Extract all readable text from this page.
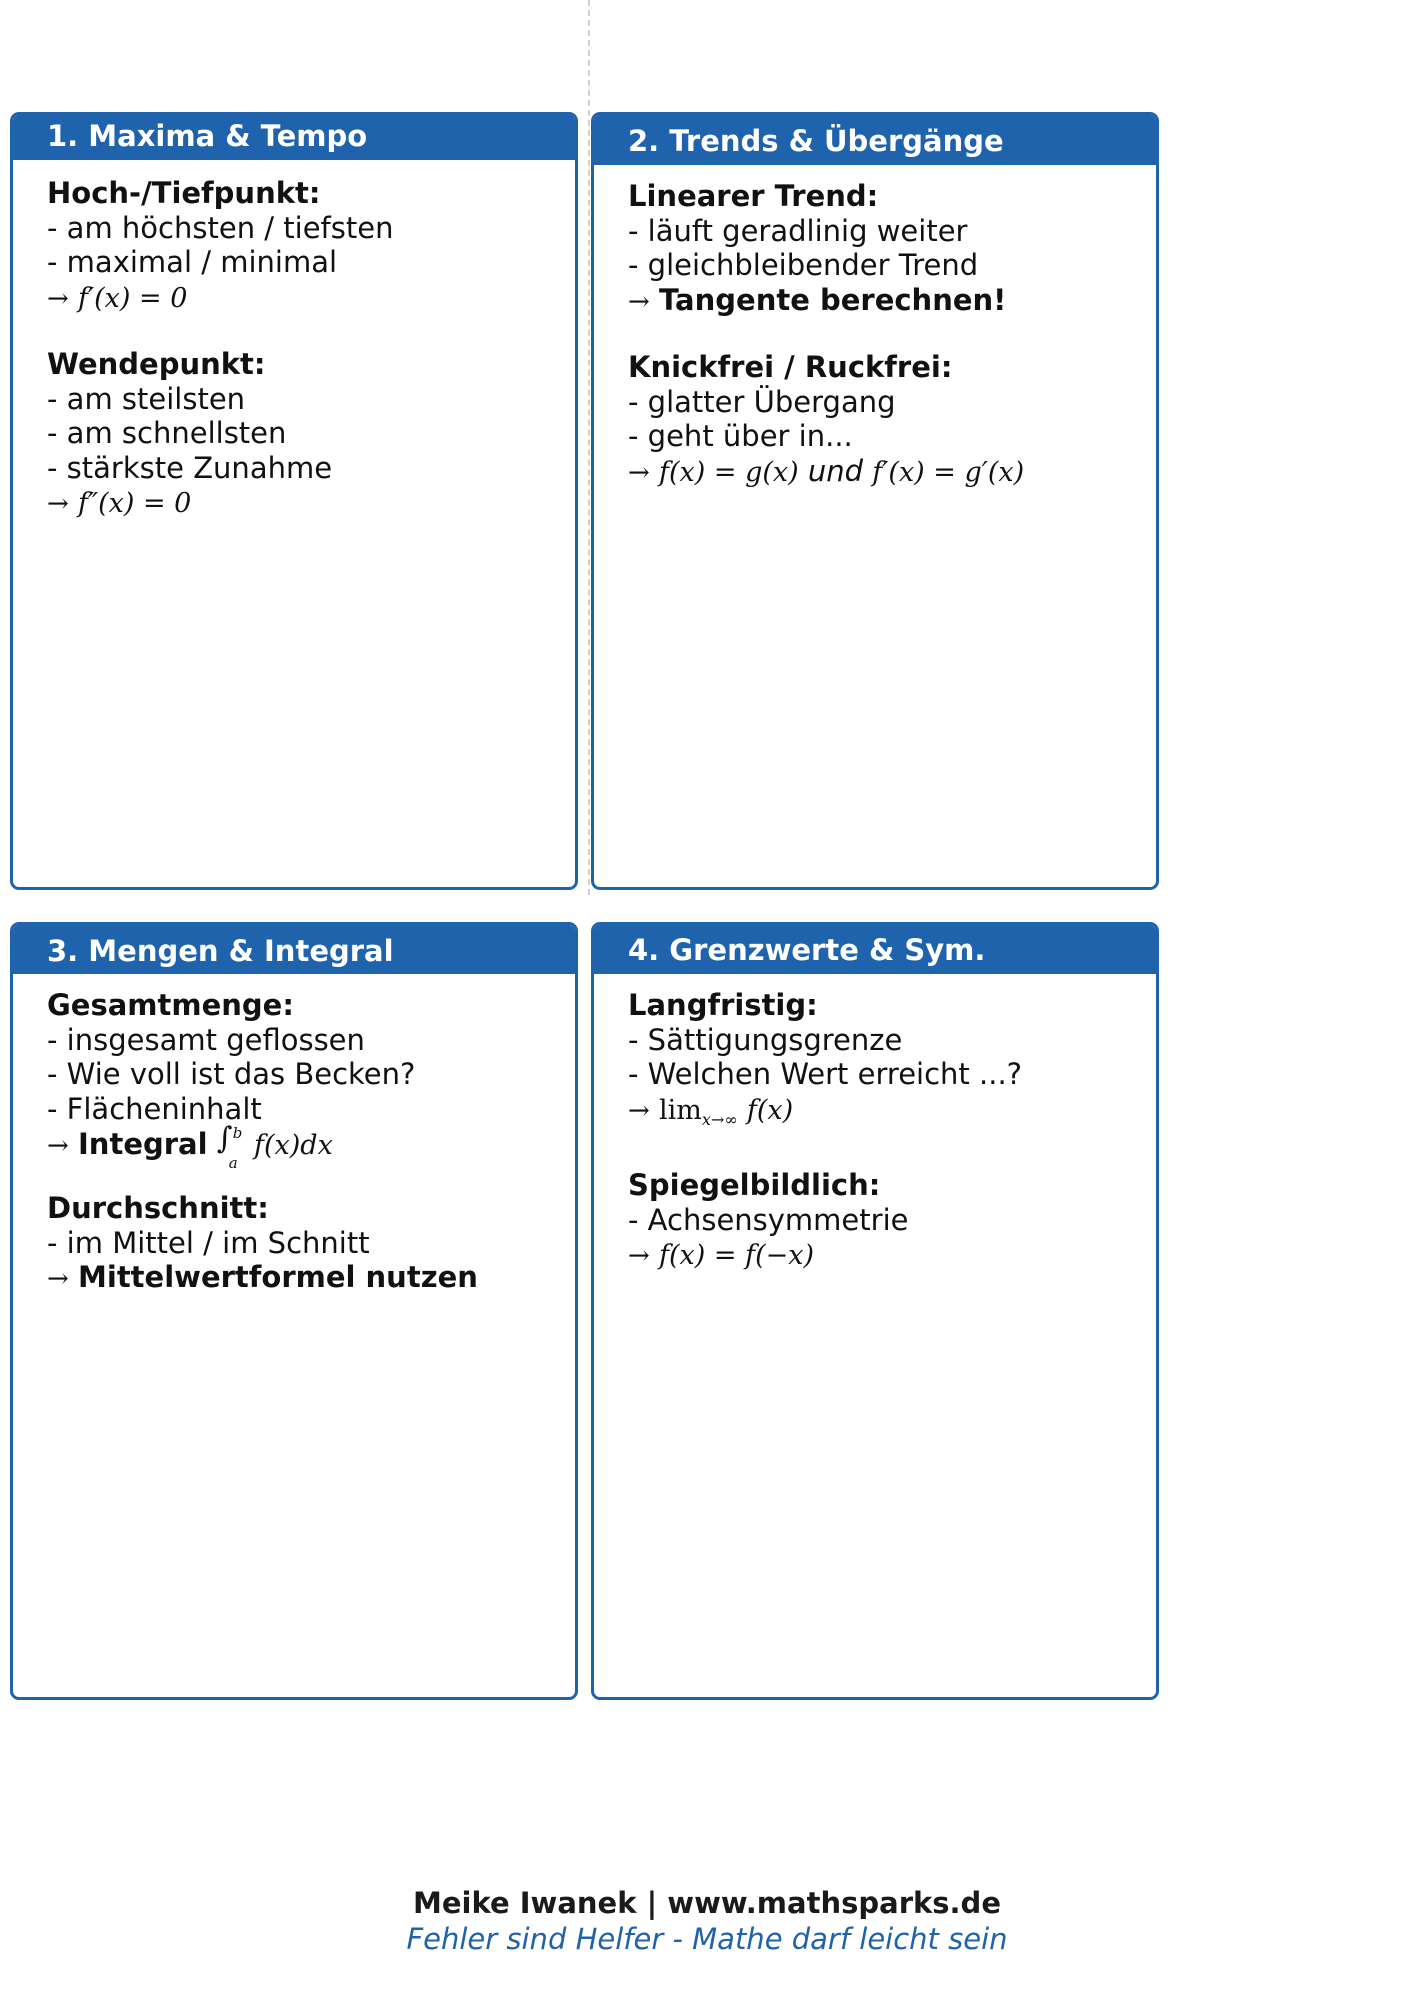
1. Maxima & Tempo
Hoch-/Tiefpunkt:
- am höchsten / tiefsten
- maximal / minimal
→ f′(x) = 0
Wendepunkt:
- am steilsten
- am schnellsten
- stärkste Zunahme
→ f″(x) = 0
2. Trends & Übergänge
Linearer Trend:
- läuft geradlinig weiter
- gleichbleibender Trend
→ Tangente berechnen!
Knickfrei / Ruckfrei:
- glatter Übergang
- geht über in...
→ f(x) = g(x) und f′(x) = g′(x)
3. Mengen & Integral
Gesamtmenge:
- insgesamt geflossen
- Wie voll ist das Becken?
- Flächeninhalt
→ Integral ∫ b
a
f(x)dx
Durchschnitt:
- im Mittel / im Schnitt
→ Mittelwertformel nutzen
4. Grenzwerte & Sym.
Langfristig:
- Sättigungsgrenze
- Welchen Wert erreicht ...?
→ $\lim_{x\to\infty} f(x)$
Spiegelbildlich:
- Achsensymmetrie
→ f(x) = f(−x)
Meike Iwanek | www.mathsparks.de
Fehler sind Helfer - Mathe darf leicht sein
